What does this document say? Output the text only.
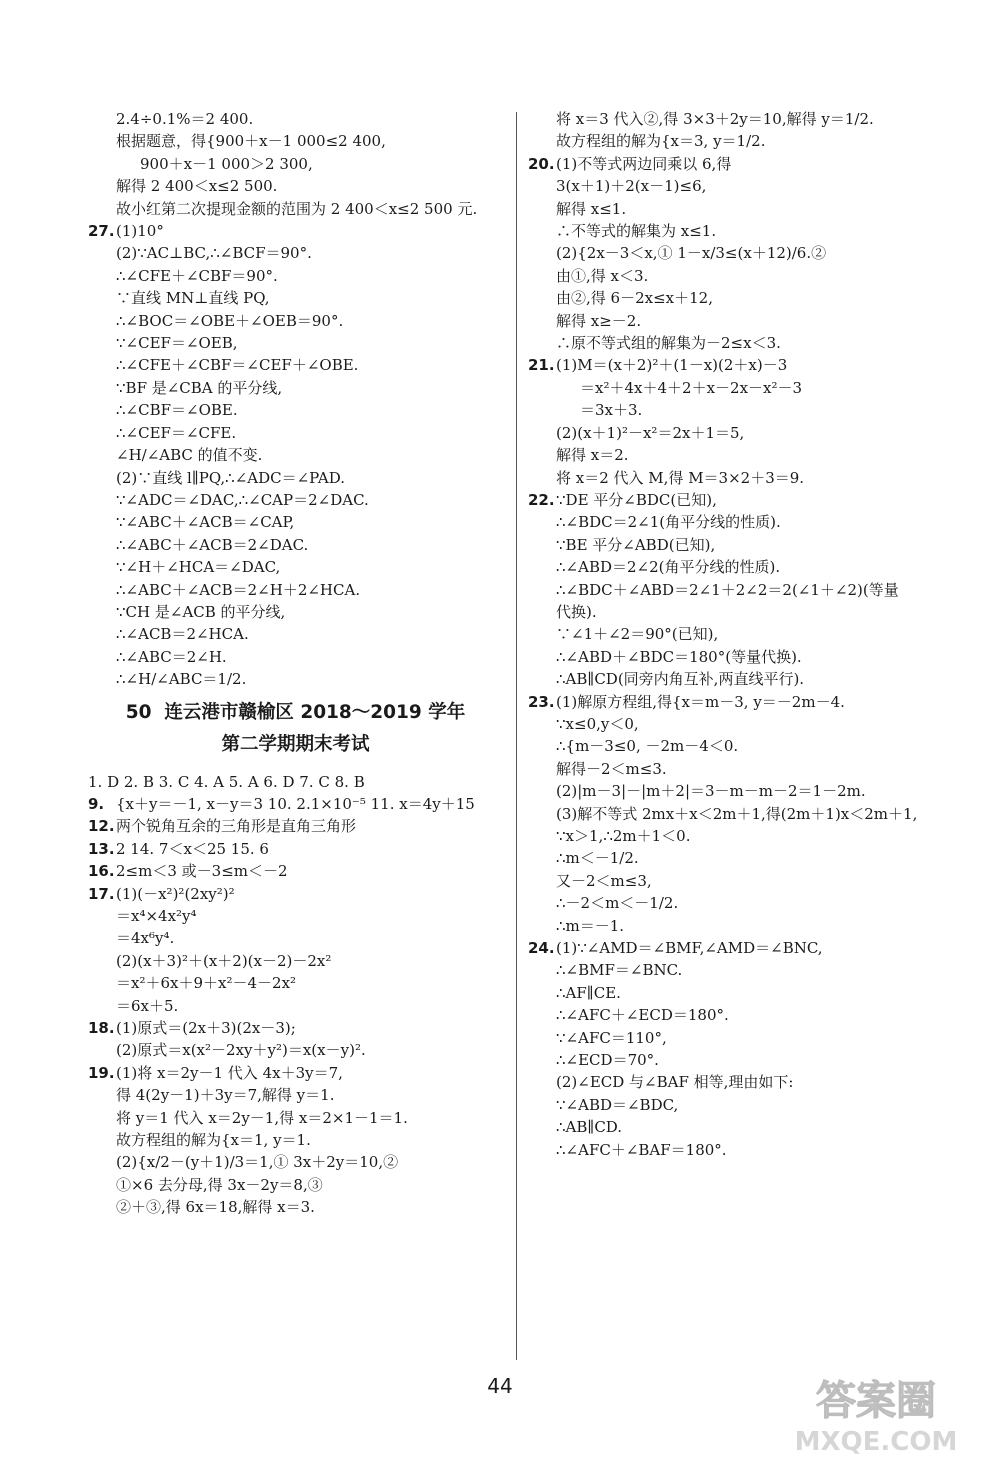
2.4÷0.1%＝2 400.
根据题意，得{900＋x－1 000≤2 400,
900＋x－1 000＞2 300,
解得 2 400＜x≤2 500.
故小红第二次提现金额的范围为 2 400＜x≤2 500 元.
27.(1)10°
(2)∵AC⊥BC,∴∠BCF＝90°.
∴∠CFE＋∠CBF＝90°.
∵直线 MN⊥直线 PQ,
∴∠BOC＝∠OBE＋∠OEB＝90°.
∵∠CEF＝∠OEB,
∴∠CFE＋∠CBF＝∠CEF＋∠OBE.
∵BF 是∠CBA 的平分线,
∴∠CBF＝∠OBE.
∴∠CEF＝∠CFE.
∠H/∠ABC 的值不变.
(2)∵直线 l∥PQ,∴∠ADC＝∠PAD.
∵∠ADC＝∠DAC,∴∠CAP＝2∠DAC.
∵∠ABC＋∠ACB＝∠CAP,
∴∠ABC＋∠ACB＝2∠DAC.
∵∠H＋∠HCA＝∠DAC,
∴∠ABC＋∠ACB＝2∠H＋2∠HCA.
∵CH 是∠ACB 的平分线,
∴∠ACB＝2∠HCA.
∴∠ABC＝2∠H.
∴∠H/∠ABC＝1/2.
50 连云港市赣榆区 2018～2019 学年
第二学期期末考试
1. D 2. B 3. C 4. A 5. A 6. D 7. C 8. B
9. {x＋y＝－1, x－y＝3 10. 2.1×10⁻⁵ 11. x＝4y＋15
12.两个锐角互余的三角形是直角三角形
13.2 14. 7＜x＜25 15. 6
16.2≤m＜3 或－3≤m＜－2
17.(1)(－x²)²(2xy²)²
＝x⁴×4x²y⁴
＝4x⁶y⁴.
(2)(x＋3)²＋(x＋2)(x－2)－2x²
＝x²＋6x＋9＋x²－4－2x²
＝6x＋5.
18.(1)原式＝(2x＋3)(2x－3);
(2)原式＝x(x²－2xy＋y²)＝x(x－y)².
19.(1)将 x＝2y－1 代入 4x＋3y＝7,
得 4(2y－1)＋3y＝7,解得 y＝1.
将 y＝1 代入 x＝2y－1,得 x＝2×1－1＝1.
故方程组的解为{x＝1, y＝1.
(2){x/2－(y＋1)/3＝1,① 3x＋2y＝10,②
①×6 去分母,得 3x－2y＝8,③
②＋③,得 6x＝18,解得 x＝3.
将 x＝3 代入②,得 3×3＋2y＝10,解得 y＝1/2.
故方程组的解为{x＝3, y＝1/2.
20.(1)不等式两边同乘以 6,得
3(x＋1)＋2(x－1)≤6,
解得 x≤1.
∴不等式的解集为 x≤1.
(2){2x－3＜x,① 1－x/3≤(x＋12)/6.②
由①,得 x＜3.
由②,得 6－2x≤x＋12,
解得 x≥－2.
∴原不等式组的解集为－2≤x＜3.
21.(1)M＝(x＋2)²＋(1－x)(2＋x)－3
＝x²＋4x＋4＋2＋x－2x－x²－3
＝3x＋3.
(2)(x＋1)²－x²＝2x＋1＝5,
解得 x＝2.
将 x＝2 代入 M,得 M＝3×2＋3＝9.
22.∵DE 平分∠BDC(已知),
∴∠BDC＝2∠1(角平分线的性质).
∵BE 平分∠ABD(已知),
∴∠ABD＝2∠2(角平分线的性质).
∴∠BDC＋∠ABD＝2∠1＋2∠2＝2(∠1＋∠2)(等量
代换).
∵∠1＋∠2＝90°(已知),
∴∠ABD＋∠BDC＝180°(等量代换).
∴AB∥CD(同旁内角互补,两直线平行).
23.(1)解原方程组,得{x＝m－3, y＝－2m－4.
∵x≤0,y＜0,
∴{m－3≤0, －2m－4＜0.
解得－2＜m≤3.
(2)|m－3|－|m＋2|＝3－m－m－2＝1－2m.
(3)解不等式 2mx＋x＜2m＋1,得(2m＋1)x＜2m＋1,
∵x＞1,∴2m＋1＜0.
∴m＜－1/2.
又－2＜m≤3,
∴－2＜m＜－1/2.
∴m＝－1.
24.(1)∵∠AMD＝∠BMF,∠AMD＝∠BNC,
∴∠BMF＝∠BNC.
∴AF∥CE.
∴∠AFC＋∠ECD＝180°.
∵∠AFC＝110°,
∴∠ECD＝70°.
(2)∠ECD 与∠BAF 相等,理由如下:
∵∠ABD＝∠BDC,
∴AB∥CD.
∴∠AFC＋∠BAF＝180°.
44	答案圈
MXQE.COM
